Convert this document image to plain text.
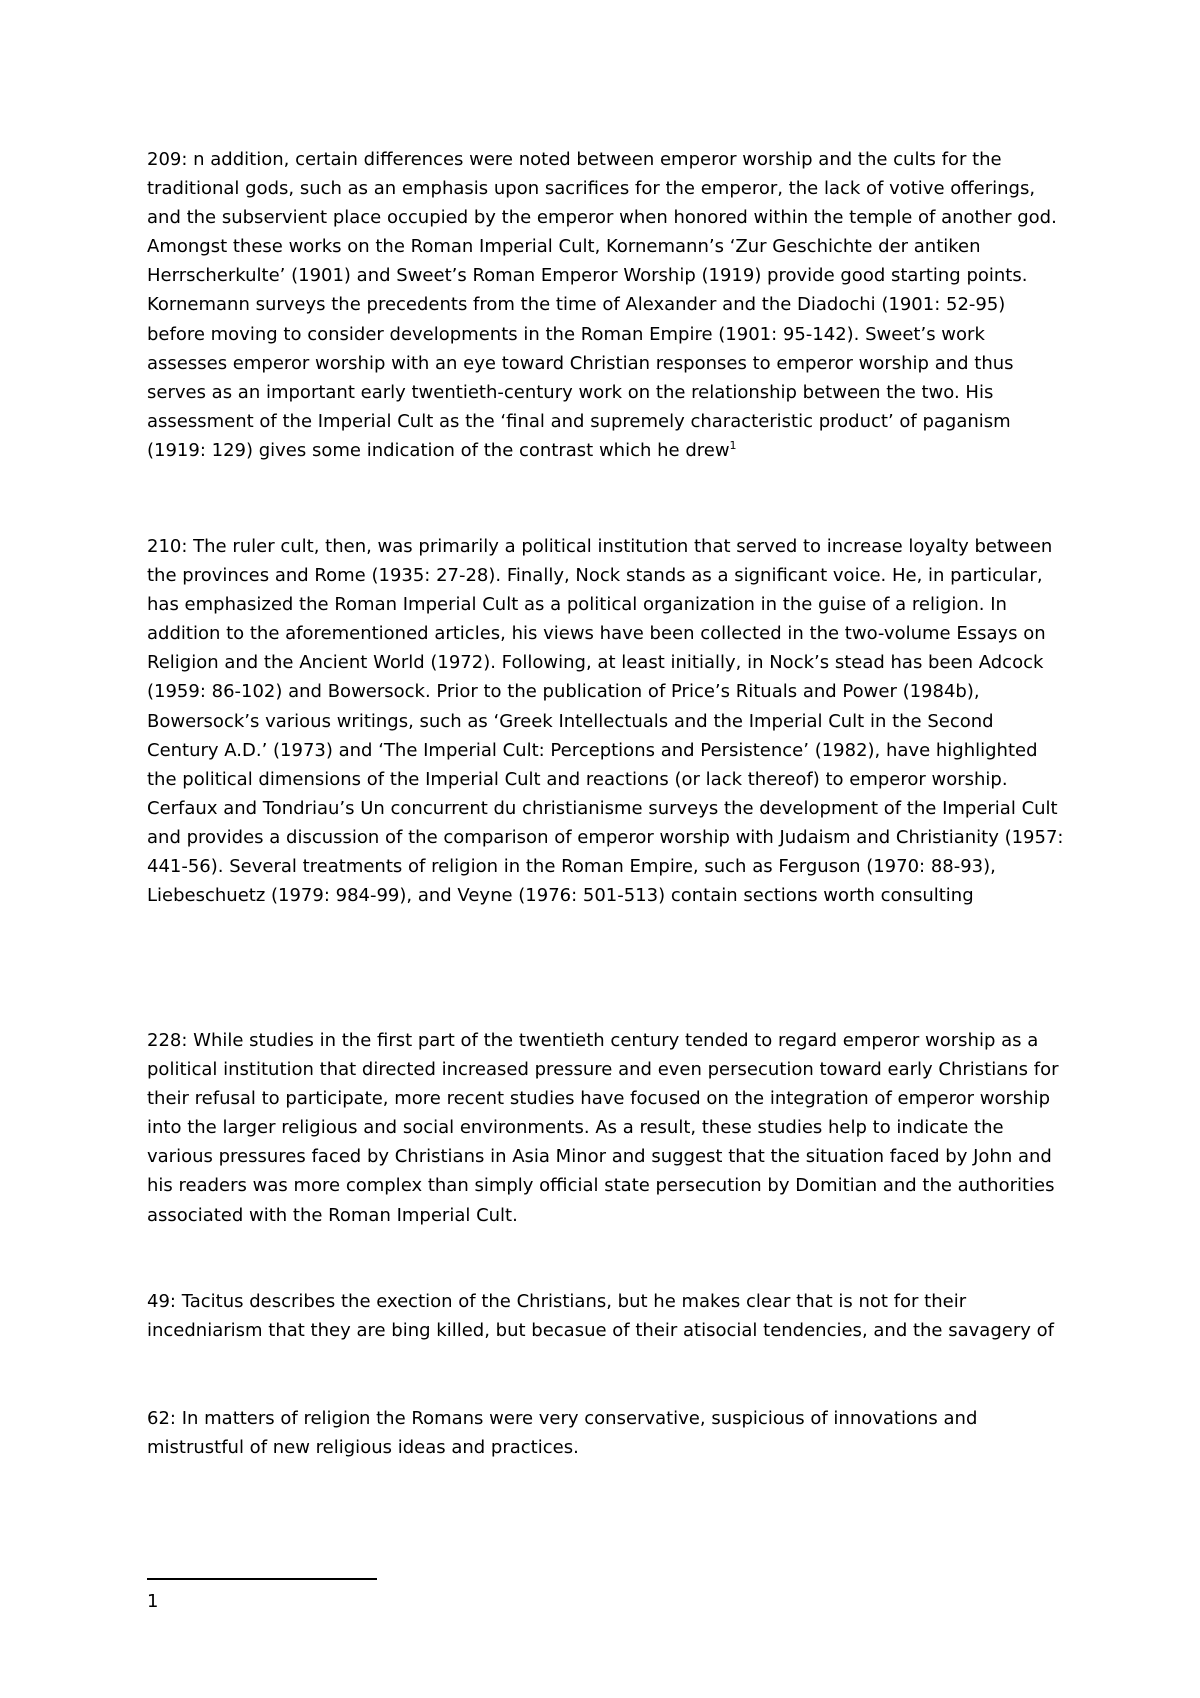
209: n addition, certain differences were noted between emperor worship and the cults for the traditional gods, such as an emphasis upon sacrifices for the emperor, the lack of votive offerings, and the subservient place occupied by the emperor when honored within the temple of another god. Amongst these works on the Roman Imperial Cult, Kornemann’s ‘Zur Geschichte der antiken Herrscherkulte’ (1901) and Sweet’s Roman Emperor Worship (1919) provide good starting points. Kornemann surveys the precedents from the time of Alexander and the Diadochi (1901: 52-95) before moving to consider developments in the Roman Empire (1901: 95-142). Sweet’s work assesses emperor worship with an eye toward Christian responses to emperor worship and thus serves as an important early twentieth-century work on the relationship between the two. His assessment of the Imperial Cult as the ‘final and supremely characteristic product’ of paganism (1919: 129) gives some indication of the contrast which he drew$^1$

210: The ruler cult, then, was primarily a political institution that served to increase loyalty between the provinces and Rome (1935: 27-28). Finally, Nock stands as a significant voice. He, in particular, has emphasized the Roman Imperial Cult as a political organization in the guise of a religion. In addition to the aforementioned articles, his views have been collected in the two-volume Essays on Religion and the Ancient World (1972). Following, at least initially, in Nock’s stead has been Adcock (1959: 86-102) and Bowersock. Prior to the publication of Price’s Rituals and Power (1984b), Bowersock’s various writings, such as ‘Greek Intellectuals and the Imperial Cult in the Second Century A.D.’ (1973) and ‘The Imperial Cult: Perceptions and Persistence’ (1982), have highlighted the political dimensions of the Imperial Cult and reactions (or lack thereof) to emperor worship. Cerfaux and Tondriau’s Un concurrent du christianisme surveys the development of the Imperial Cult and provides a discussion of the comparison of emperor worship with Judaism and Christianity (1957: 441-56). Several treatments of religion in the Roman Empire, such as Ferguson (1970: 88-93), Liebeschuetz (1979: 984-99), and Veyne (1976: 501-513) contain sections worth consulting

228: While studies in the first part of the twentieth century tended to regard emperor worship as a political institution that directed increased pressure and even persecution toward early Christians for their refusal to participate, more recent studies have focused on the integration of emperor worship into the larger religious and social environments. As a result, these studies help to indicate the various pressures faced by Christians in Asia Minor and suggest that the situation faced by John and his readers was more complex than simply official state persecution by Domitian and the authorities associated with the Roman Imperial Cult.

49: Tacitus describes the exection of the Christians, but he makes clear that is not for their incedniarism that they are bing killed, but becasue of their atisocial tendencies, and the savagery of

62: In matters of religion the Romans were very conservative, suspicious of innovations and mistrustful of new religious ideas and practices.

1
